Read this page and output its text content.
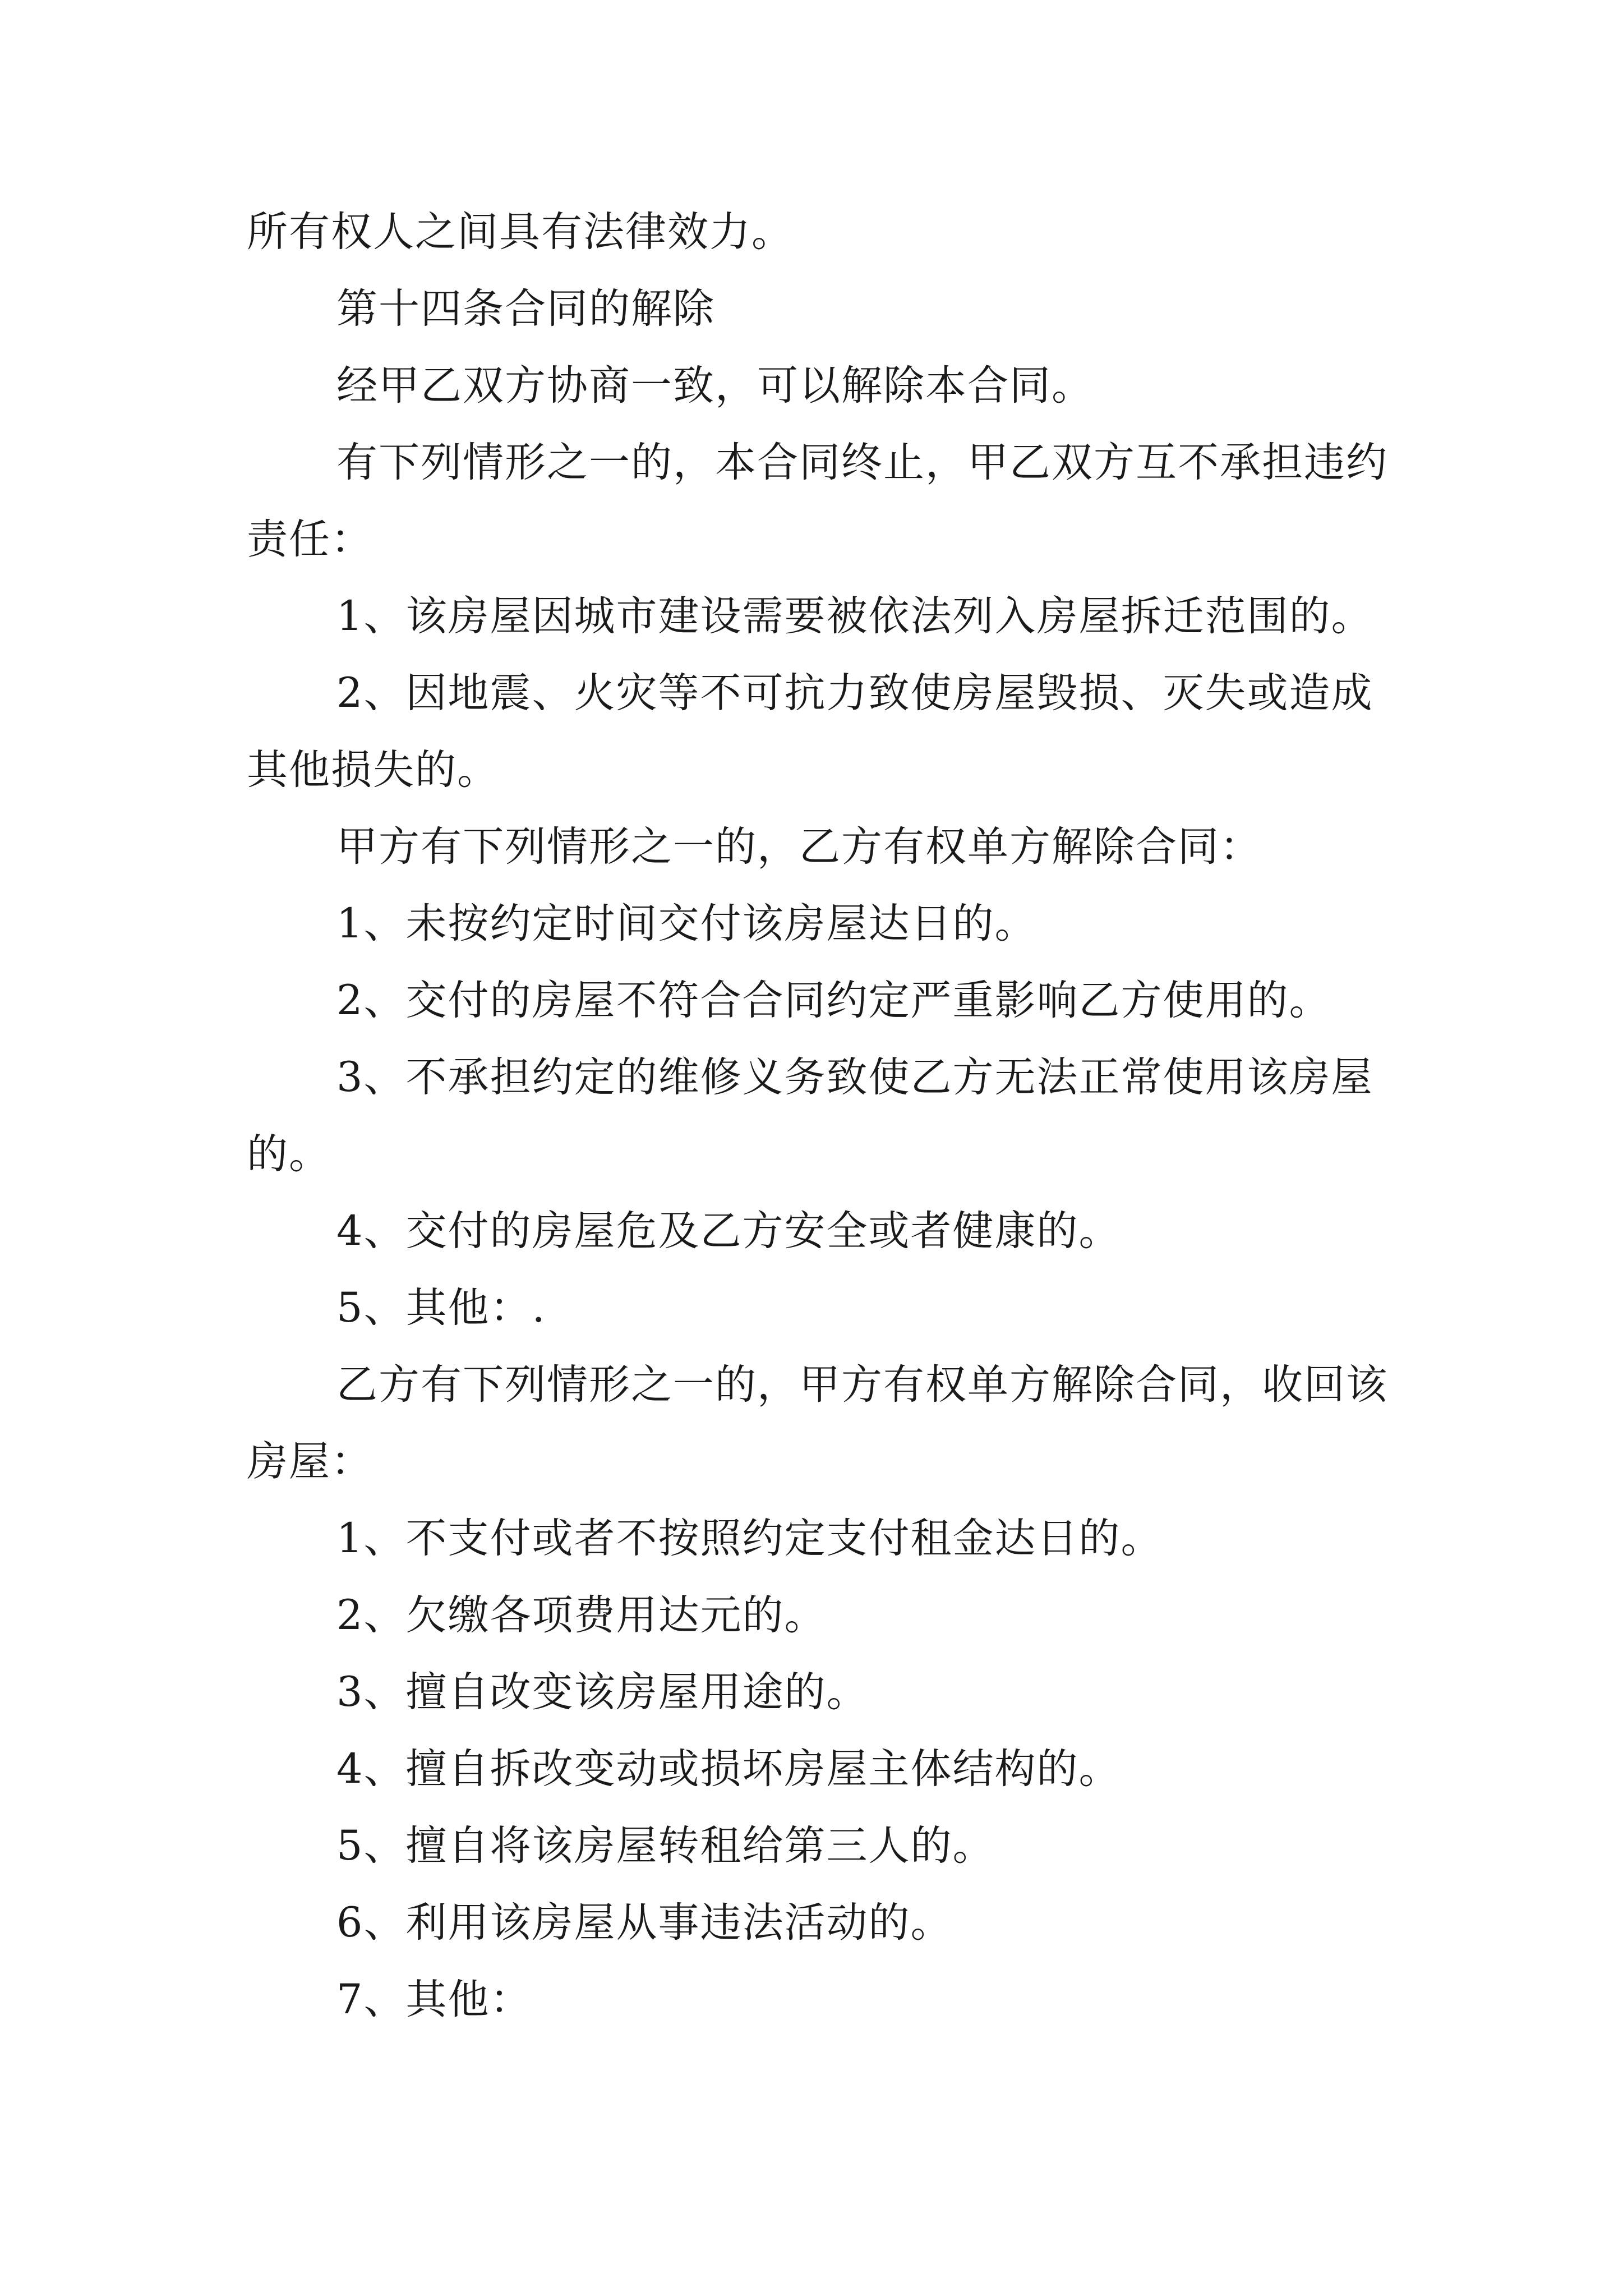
所有权人之间具有法律效力。

第十四条合同的解除

经甲乙双方协商一致，可以解除本合同。

有下列情形之一的，本合同终止，甲乙双方互不承担违约责任：

1、该房屋因城市建设需要被依法列入房屋拆迁范围的。

2、因地震、火灾等不可抗力致使房屋毁损、灭失或造成其他损失的。

甲方有下列情形之一的，乙方有权单方解除合同：

1、未按约定时间交付该房屋达日的。

2、交付的房屋不符合合同约定严重影响乙方使用的。

3、不承担约定的维修义务致使乙方无法正常使用该房屋的。

4、交付的房屋危及乙方安全或者健康的。

5、其他：.

乙方有下列情形之一的，甲方有权单方解除合同，收回该房屋：

1、不支付或者不按照约定支付租金达日的。

2、欠缴各项费用达元的。

3、擅自改变该房屋用途的。

4、擅自拆改变动或损坏房屋主体结构的。

5、擅自将该房屋转租给第三人的。

6、利用该房屋从事违法活动的。

7、其他：
